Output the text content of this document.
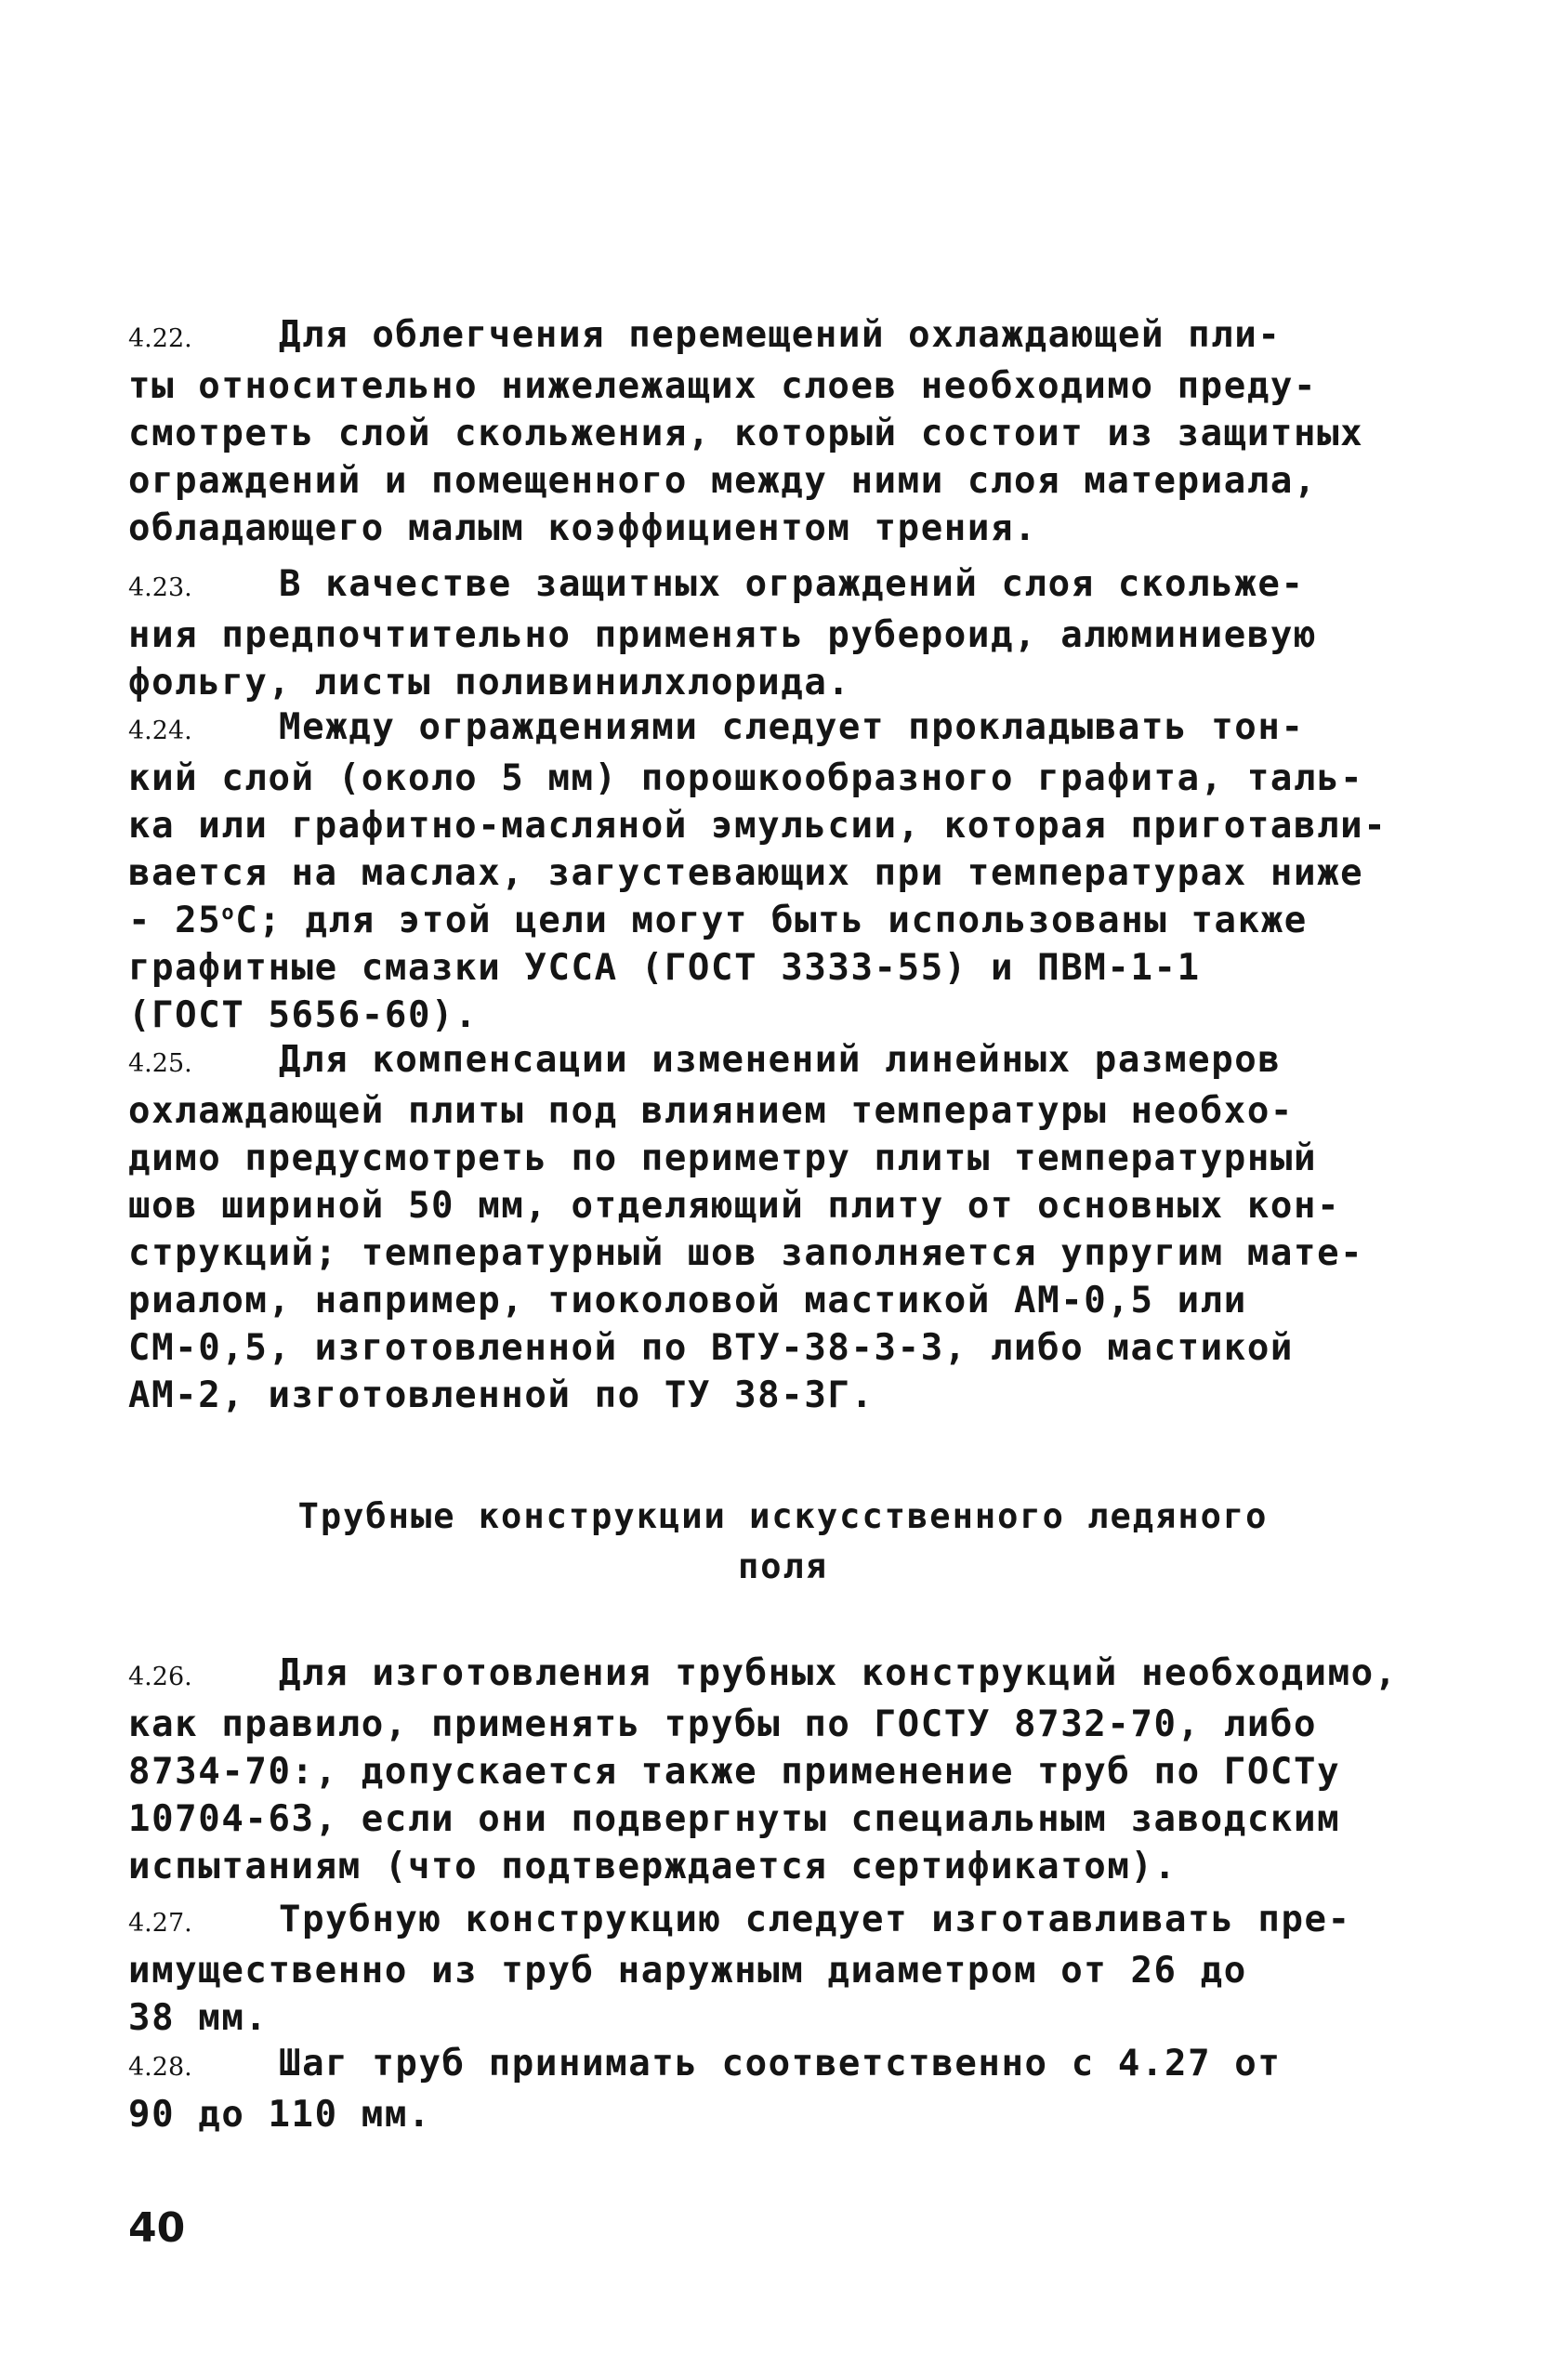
4.22. Для облегчения перемещений охлаждающей пли-
ты относительно нижележащих слоев необходимо преду-
смотреть слой скольжения, который состоит из защитных
ограждений и помещенного между ними слоя материала,
обладающего малым коэффициентом трения.
4.23. В качестве защитных ограждений слоя скольже-
ния предпочтительно применять рубероид, алюминиевую
фольгу, листы поливинилхлорида.
4.24. Между ограждениями следует прокладывать тон-
кий слой (около 5 мм) порошкообразного графита, таль-
ка или графитно-масляной эмульсии, которая приготавли-
вается на маслах, загустевающих при температурах ниже
- $25^оС$; для этой цели могут быть использованы также
графитные смазки УССА (ГОСТ 3333-55) и ПВМ-1-1
(ГОСТ 5656-60).
4.25. Для компенсации изменений линейных размеров
охлаждающей плиты под влиянием температуры необхо-
димо предусмотреть по периметру плиты температурный
шов шириной 50 мм, отделяющий плиту от основных кон-
струкций; температурный шов заполняется упругим мате-
риалом, например, тиоколовой мастикой АМ-0,5 или
СМ-0,5, изготовленной по ВТУ-38-3-3, либо мастикой
АМ-2, изготовленной по ТУ 38-3Г.
Трубные конструкции искусственного ледяного
поля
4.26. Для изготовления трубных конструкций необходимо,
как правило, применять трубы по ГОСТУ 8732-70, либо
8734-70:, допускается также применение труб по ГОСТу
10704-63, если они подвергнуты специальным заводским
испытаниям (что подтверждается сертификатом).
4.27. Трубную конструкцию следует изготавливать пре-
имущественно из труб наружным диаметром от 26 до
38 мм.
4.28. Шаг труб принимать соответственно с 4.27 от
90 до 110 мм.
40
